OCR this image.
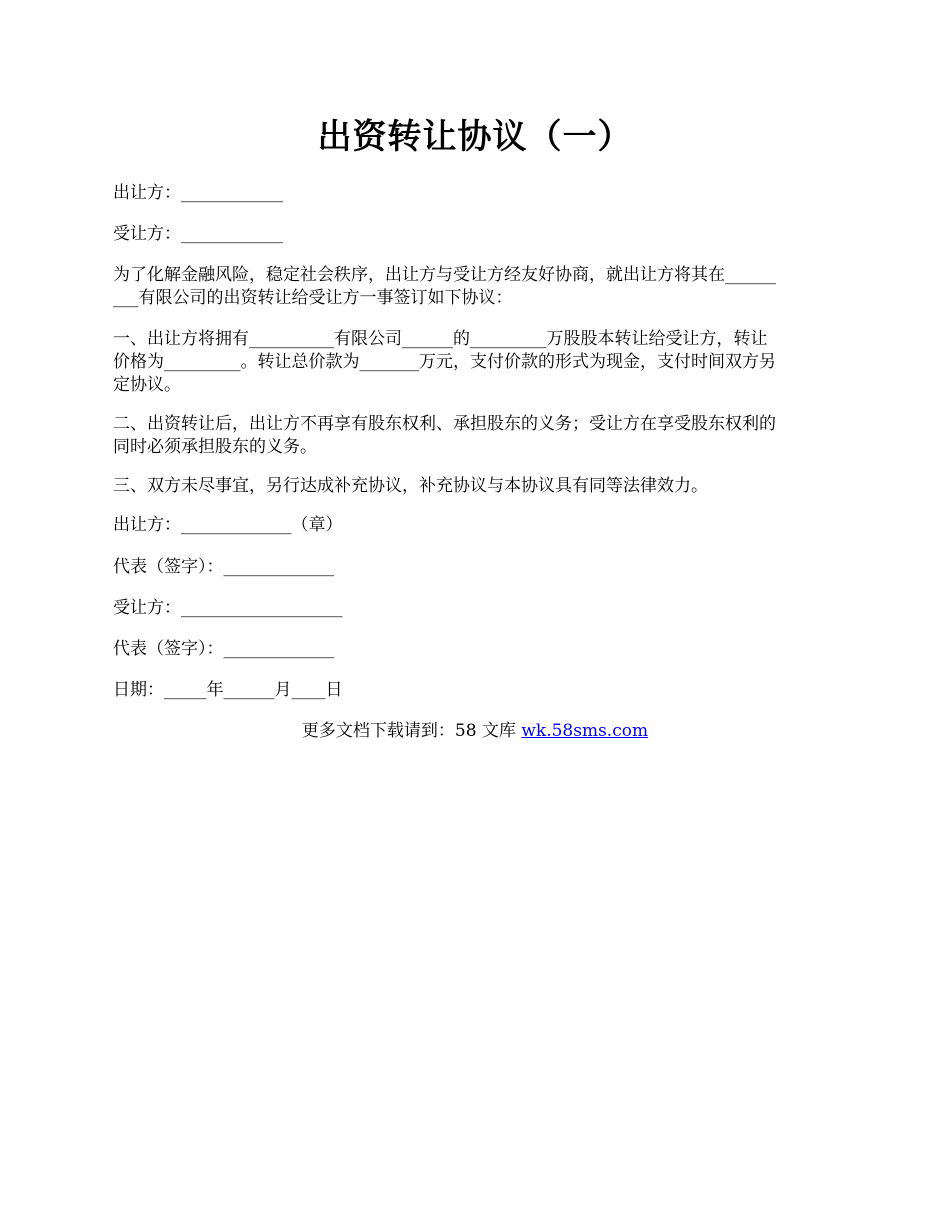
出资转让协议（一）
出让方：____________
受让方：____________
为了化解金融风险，稳定社会秩序，出让方与受让方经友好协商，就出让方将其在______
___有限公司的出资转让给受让方一事签订如下协议：
一、出让方将拥有__________有限公司______的_________万股股本转让给受让方，转让
价格为_________。转让总价款为_______万元，支付价款的形式为现金，支付时间双方另
定协议。
二、出资转让后，出让方不再享有股东权利、承担股东的义务；受让方在享受股东权利的
同时必须承担股东的义务。
三、双方未尽事宜，另行达成补充协议，补充协议与本协议具有同等法律效力。
出让方：_____________（章）
代表（签字）：_____________
受让方：___________________
代表（签字）：_____________
日期：_____年______月____日
更多文档下载请到：58 文库 wk.58sms.com
